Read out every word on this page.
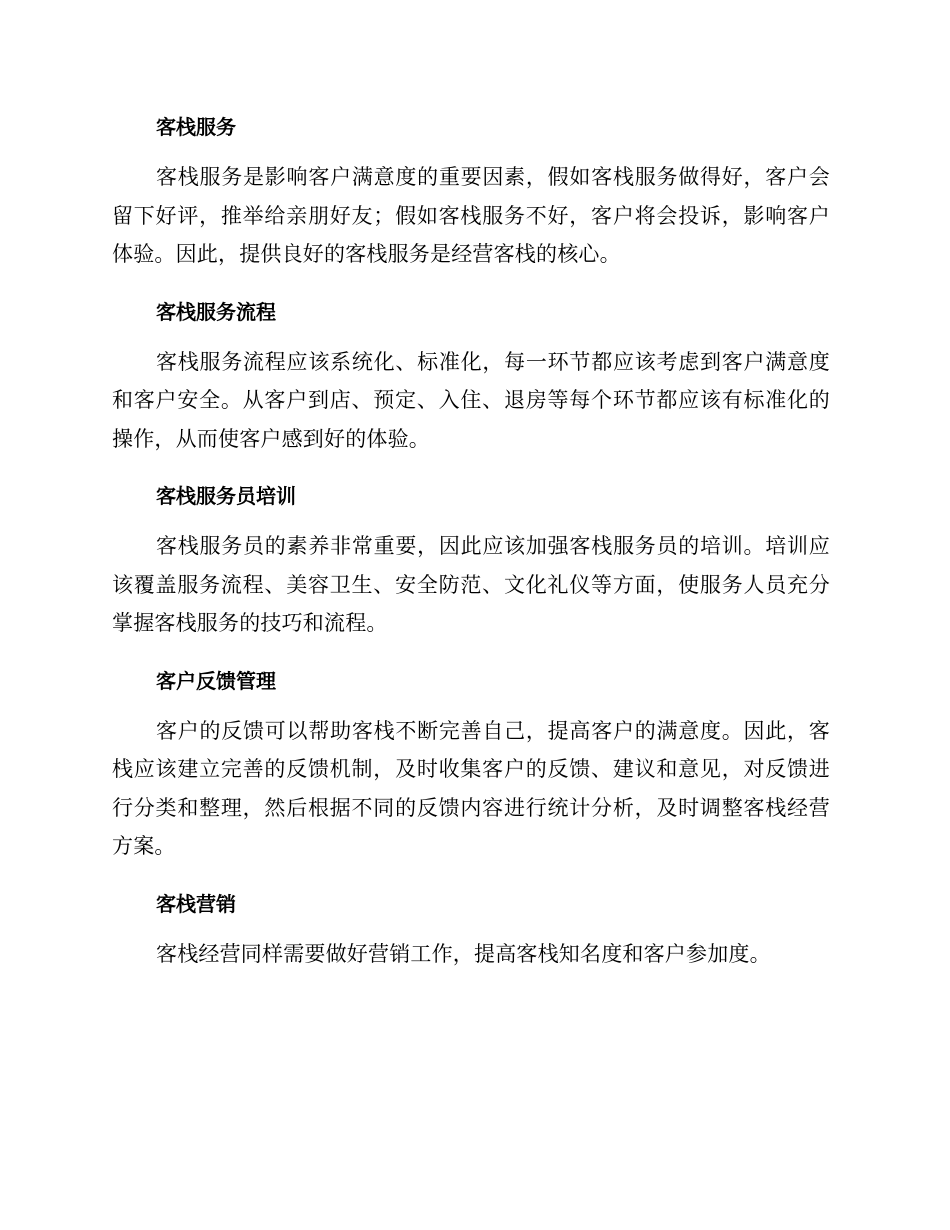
客栈服务

客栈服务是影响客户满意度的重要因素，假如客栈服务做得好，客户会留下好评，推举给亲朋好友；假如客栈服务不好，客户将会投诉，影响客户体验。因此，提供良好的客栈服务是经营客栈的核心。

客栈服务流程

客栈服务流程应该系统化、标准化，每一环节都应该考虑到客户满意度和客户安全。从客户到店、预定、入住、退房等每个环节都应该有标准化的操作，从而使客户感到好的体验。

客栈服务员培训

客栈服务员的素养非常重要，因此应该加强客栈服务员的培训。培训应该覆盖服务流程、美容卫生、安全防范、文化礼仪等方面，使服务人员充分掌握客栈服务的技巧和流程。

客户反馈管理

客户的反馈可以帮助客栈不断完善自己，提高客户的满意度。因此，客栈应该建立完善的反馈机制，及时收集客户的反馈、建议和意见，对反馈进行分类和整理，然后根据不同的反馈内容进行统计分析，及时调整客栈经营方案。

客栈营销

客栈经营同样需要做好营销工作，提高客栈知名度和客户参加度。
